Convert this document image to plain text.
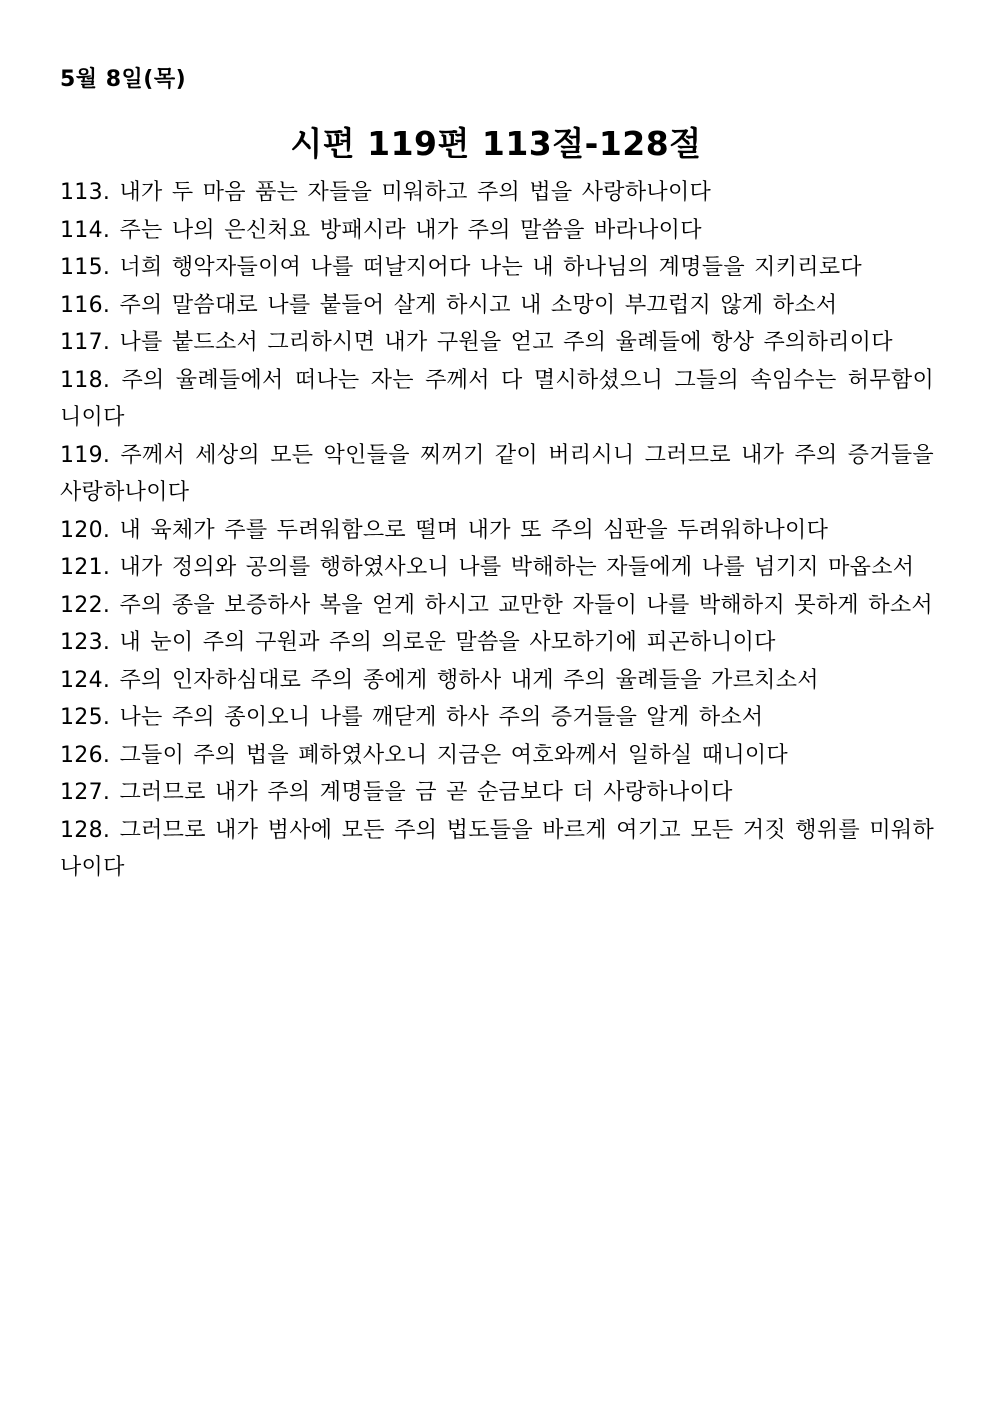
5월 8일(목)
시편 119편 113절-128절
113. 내가 두 마음 품는 자들을 미워하고 주의 법을 사랑하나이다
114. 주는 나의 은신처요 방패시라 내가 주의 말씀을 바라나이다
115. 너희 행악자들이여 나를 떠날지어다 나는 내 하나님의 계명들을 지키리로다
116. 주의 말씀대로 나를 붙들어 살게 하시고 내 소망이 부끄럽지 않게 하소서
117. 나를 붙드소서 그리하시면 내가 구원을 얻고 주의 율례들에 항상 주의하리이다
118. 주의 율례들에서 떠나는 자는 주께서 다 멸시하셨으니 그들의 속임수는 허무함이니이다
119. 주께서 세상의 모든 악인들을 찌꺼기 같이 버리시니 그러므로 내가 주의 증거들을 사랑하나이다
120. 내 육체가 주를 두려워함으로 떨며 내가 또 주의 심판을 두려워하나이다
121. 내가 정의와 공의를 행하였사오니 나를 박해하는 자들에게 나를 넘기지 마옵소서
122. 주의 종을 보증하사 복을 얻게 하시고 교만한 자들이 나를 박해하지 못하게 하소서
123. 내 눈이 주의 구원과 주의 의로운 말씀을 사모하기에 피곤하니이다
124. 주의 인자하심대로 주의 종에게 행하사 내게 주의 율례들을 가르치소서
125. 나는 주의 종이오니 나를 깨닫게 하사 주의 증거들을 알게 하소서
126. 그들이 주의 법을 폐하였사오니 지금은 여호와께서 일하실 때니이다
127. 그러므로 내가 주의 계명들을 금 곧 순금보다 더 사랑하나이다
128. 그러므로 내가 범사에 모든 주의 법도들을 바르게 여기고 모든 거짓 행위를 미워하나이다
